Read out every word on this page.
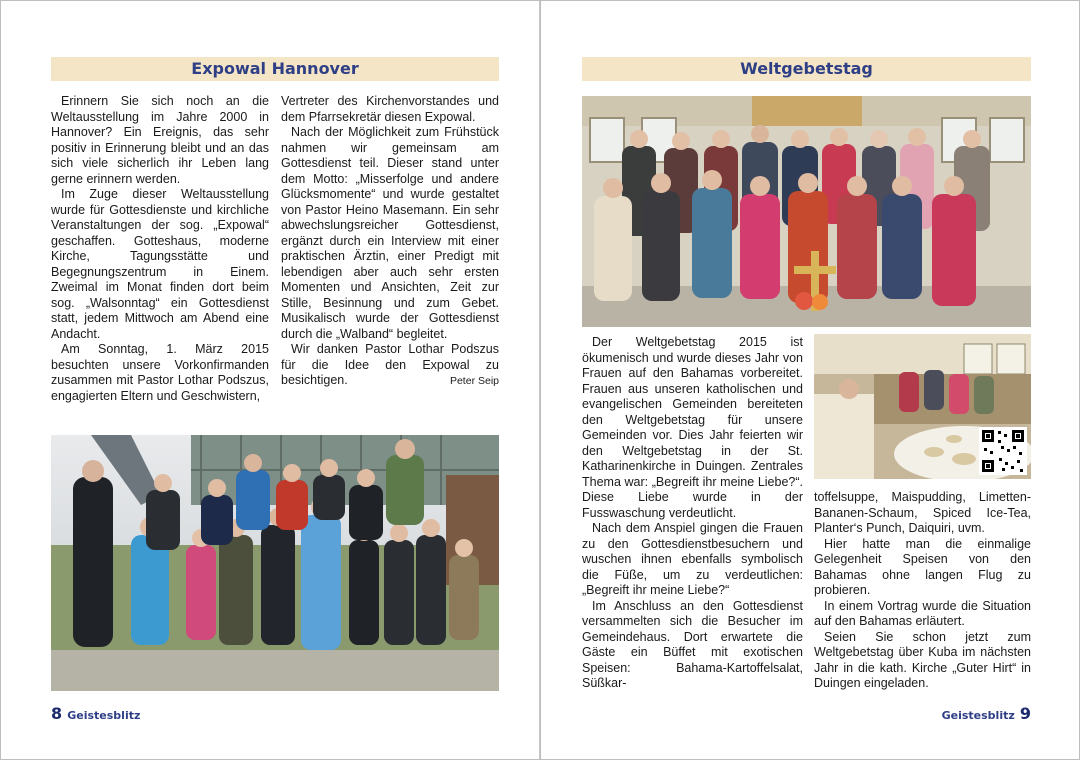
Expowal Hannover

Erinnern Sie sich noch an die Weltausstellung im Jahre 2000 in Hannover? Ein Ereignis, das sehr positiv in Erinnerung bleibt und an das sich viele sicherlich ihr Leben lang gerne erinnern werden.

Im Zuge dieser Weltausstellung wurde für Gottesdienste und kirchliche Veranstaltungen der sog. „Expowal“ geschaffen. Gotteshaus, moderne Kirche, Tagungsstätte und Begegnungszentrum in Einem. Zweimal im Monat finden dort beim sog. „Walsonntag“ ein Gottesdienst statt, jedem Mittwoch am Abend eine Andacht.

Am Sonntag, 1. März 2015 besuchten unsere Vorkonfirmanden zusammen mit Pastor Lothar Podszus, engagierten Eltern und Geschwistern,

Vertreter des Kirchenvorstandes und dem Pfarrsekretär diesen Expowal.

Nach der Möglichkeit zum Frühstück nahmen wir gemeinsam am Gottesdienst teil. Dieser stand unter dem Motto: „Misserfolge und andere Glücksmomente“ und wurde gestaltet von Pastor Heino Masemann. Ein sehr abwechslungsreicher Gottesdienst, ergänzt durch ein Interview mit einer praktischen Ärztin, einer Predigt mit lebendigen aber auch sehr ersten Momenten und Ansichten, Zeit zur Stille, Besinnung und zum Gebet. Musikalisch wurde der Gottesdienst durch die „Walband“ begleitet.

Wir danken Pastor Lothar Podszus für die Idee den Expowal zu besichtigen.	Peter Seip
8 Geistesblitz
Weltgebetstag

Der Weltgebetstag 2015 ist ökumenisch und wurde dieses Jahr von Frauen auf den Bahamas vorbereitet. Frauen aus unseren katholischen und evangelischen Gemeinden bereiteten den Weltgebetstag für unsere Gemeinden vor. Dies Jahr feierten wir den Weltgebetstag in der St. Katharinenkirche in Duingen. Zentrales Thema war: „Begreift ihr meine Liebe?“. Diese Liebe wurde in der Fusswaschung verdeutlicht.

Nach dem Anspiel gingen die Frauen zu den Gottesdienstbesuchern und wuschen ihnen ebenfalls symbolisch die Füße, um zu verdeutlichen: „Begreift ihr meine Liebe?“

Im Anschluss an den Gottesdienst versammelten sich die Besucher im Gemeindehaus. Dort erwartete die Gäste ein Büffet mit exotischen Speisen: Bahama-Kartoffelsalat, Süßkar-

toffelsuppe, Maispudding, Limetten-Bananen-Schaum, Spiced Ice-Tea, Planter‘s Punch, Daiquiri, uvm.

Hier hatte man die einmalige Gelegenheit Speisen von den Bahamas ohne langen Flug zu probieren.

In einem Vortrag wurde die Situation auf den Bahamas erläutert.

Seien Sie schon jetzt zum Weltgebetstag über Kuba im nächsten Jahr in die kath. Kirche „Guter Hirt“ in Duingen eingeladen.

Geistesblitz 9
